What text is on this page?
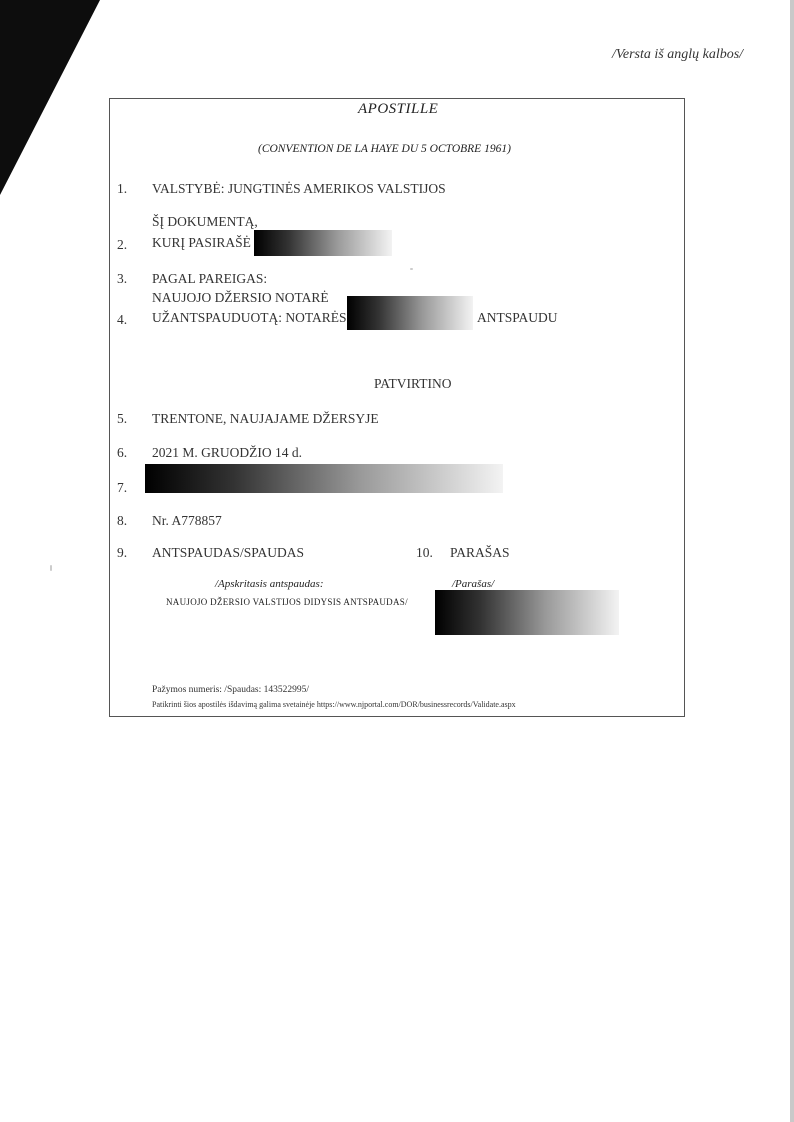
/Versta iš anglų kalbos/
APOSTILLE
(CONVENTION DE LA HAYE DU 5 OCTOBRE 1961)
1. VALSTYBĖ: JUNGTINĖS AMERIKOS VALSTIJOS
ŠĮ DOKUMENTĄ,
2. KURĮ PASIRAŠĖ
3. PAGAL PAREIGAS:
NAUJOJO DŽERSIO NOTARĖ
4. UŽANTSPAUDUOTĄ: NOTARĖS	ANTSPAUDU
PATVIRTINO
5. TRENTONE, NAUJAJAME DŽERSYJE
6. 2021 M. GRUODŽIO 14 d.
7.
8. Nr. A778857
9. ANTSPAUDAS/SPAUDAS	10. PARAŠAS
/Apskritasis antspaudas:
NAUJOJO DŽERSIO VALSTIJOS DIDYSIS ANTSPAUDAS/
/Parašas/
Pažymos numeris: /Spaudas: 143522995/
Patikrinti šios apostilės išdavimą galima svetainėje https://www.njportal.com/DOR/businessrecords/Validate.aspx
